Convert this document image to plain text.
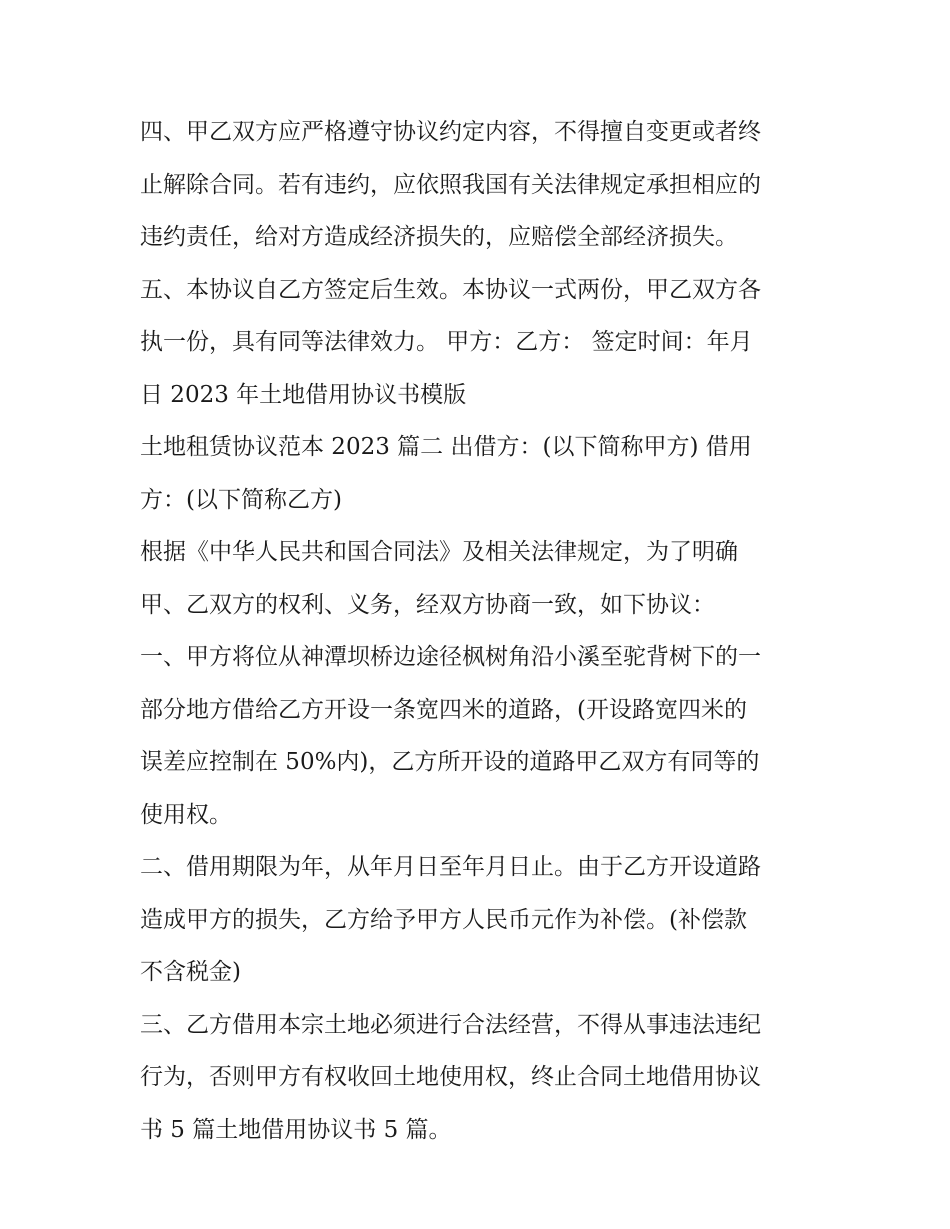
四、甲乙双方应严格遵守协议约定内容，不得擅自变更或者终
止解除合同。若有违约，应依照我国有关法律规定承担相应的
违约责任，给对方造成经济损失的，应赔偿全部经济损失。
五、本协议自乙方签定后生效。本协议一式两份，甲乙双方各
执一份，具有同等法律效力。 甲方：乙方： 签定时间：年月
日 2023 年土地借用协议书模版
土地租赁协议范本 2023 篇二 出借方：(以下简称甲方) 借用
方：(以下简称乙方)
根据《中华人民共和国合同法》及相关法律规定，为了明确
甲、乙双方的权利、义务，经双方协商一致，如下协议：
一、甲方将位从神潭坝桥边途径枫树角沿小溪至驼背树下的一
部分地方借给乙方开设一条宽四米的道路，(开设路宽四米的
误差应控制在 50%内)，乙方所开设的道路甲乙双方有同等的
使用权。
二、借用期限为年，从年月日至年月日止。由于乙方开设道路
造成甲方的损失，乙方给予甲方人民币元作为补偿。(补偿款
不含税金)
三、乙方借用本宗土地必须进行合法经营，不得从事违法违纪
行为，否则甲方有权收回土地使用权，终止合同土地借用协议
书 5 篇土地借用协议书 5 篇。
